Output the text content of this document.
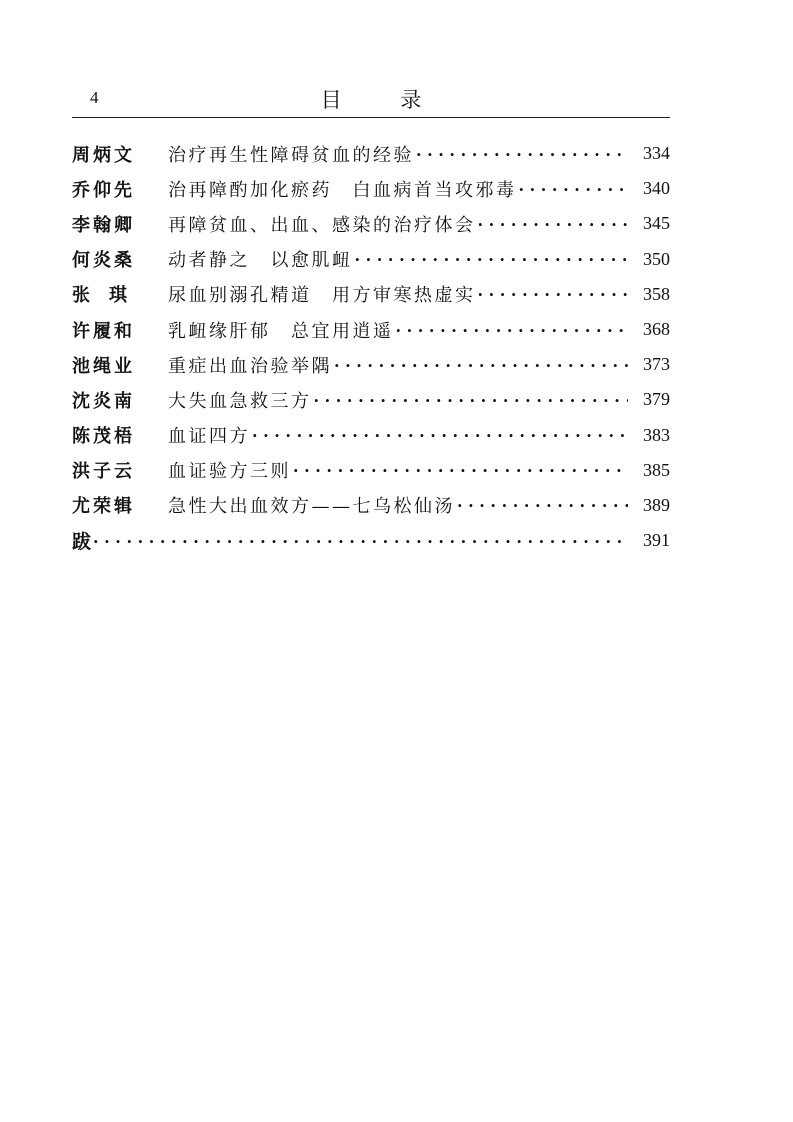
4	目 录
周炳文	治疗再生性障碍贫血的经验 · · ·	334
乔仰先	治再障酌加化瘀药　白血病首当攻邪毒 · · ·	340
李翰卿	再障贫血、出血、感染的治疗体会 · · ·	345
何炎桑	动者静之　以愈肌衄 · · ·	350
张琪	尿血别溺孔精道　用方审寒热虚实 · · ·	358
许履和	乳衄缘肝郁　总宜用逍遥 · · ·	368
池绳业	重症出血治验举隅 · · ·	373
沈炎南	大失血急救三方 · · ·	379
陈茂梧	血证四方 · · ·	383
洪子云	血证验方三则 · · ·	385
尤荣辑	急性大出血效方——七乌松仙汤 · · ·	389
跋 · · ·	391
